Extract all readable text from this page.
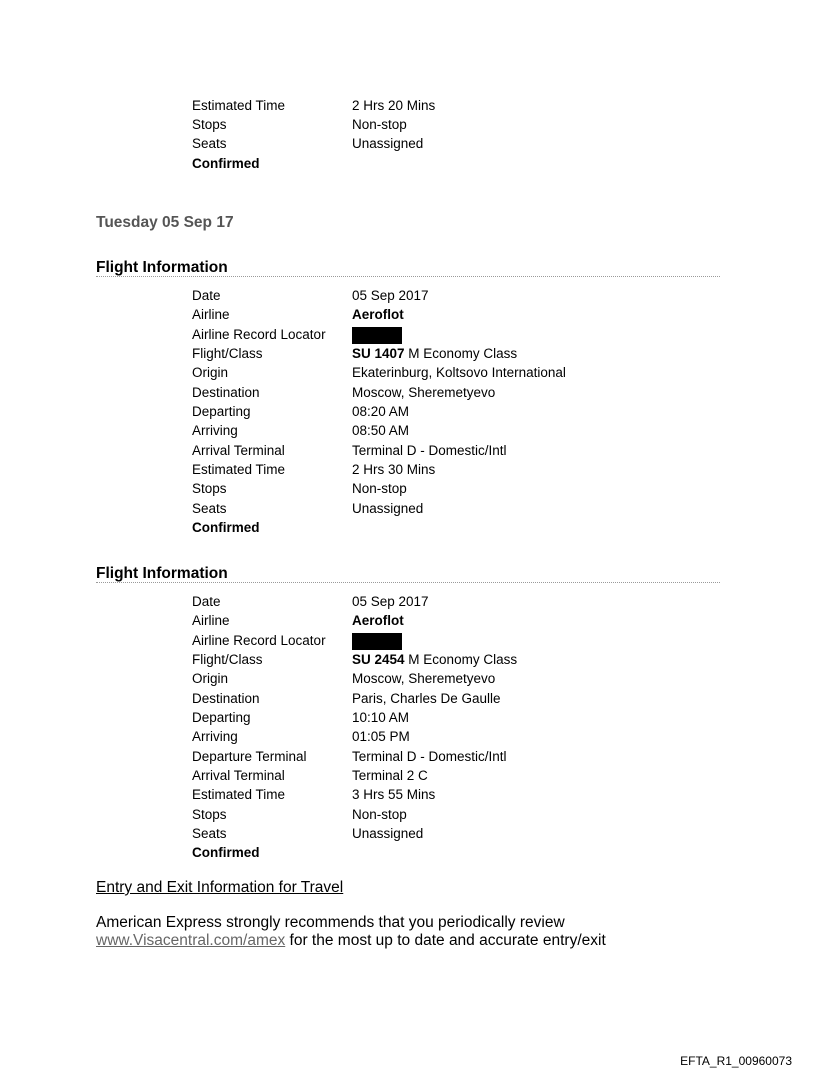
Estimated Time	2 Hrs 20 Mins
Stops	Non-stop
Seats	Unassigned
Confirmed
Tuesday 05 Sep 17
Flight Information
Date	05 Sep 2017
Airline	Aeroflot
Airline Record Locator
Flight/Class	SU 1407 M Economy Class
Origin	Ekaterinburg, Koltsovo International
Destination	Moscow, Sheremetyevo
Departing	08:20 AM
Arriving	08:50 AM
Arrival Terminal	Terminal D - Domestic/Intl
Estimated Time	2 Hrs 30 Mins
Stops	Non-stop
Seats	Unassigned
Confirmed
Flight Information
Date	05 Sep 2017
Airline	Aeroflot
Airline Record Locator
Flight/Class	SU 2454 M Economy Class
Origin	Moscow, Sheremetyevo
Destination	Paris, Charles De Gaulle
Departing	10:10 AM
Arriving	01:05 PM
Departure Terminal	Terminal D - Domestic/Intl
Arrival Terminal	Terminal 2 C
Estimated Time	3 Hrs 55 Mins
Stops	Non-stop
Seats	Unassigned
Confirmed
Entry and Exit Information for Travel
American Express strongly recommends that you periodically review
www.Visacentral.com/amex for the most up to date and accurate entry/exit
EFTA_R1_00960073
